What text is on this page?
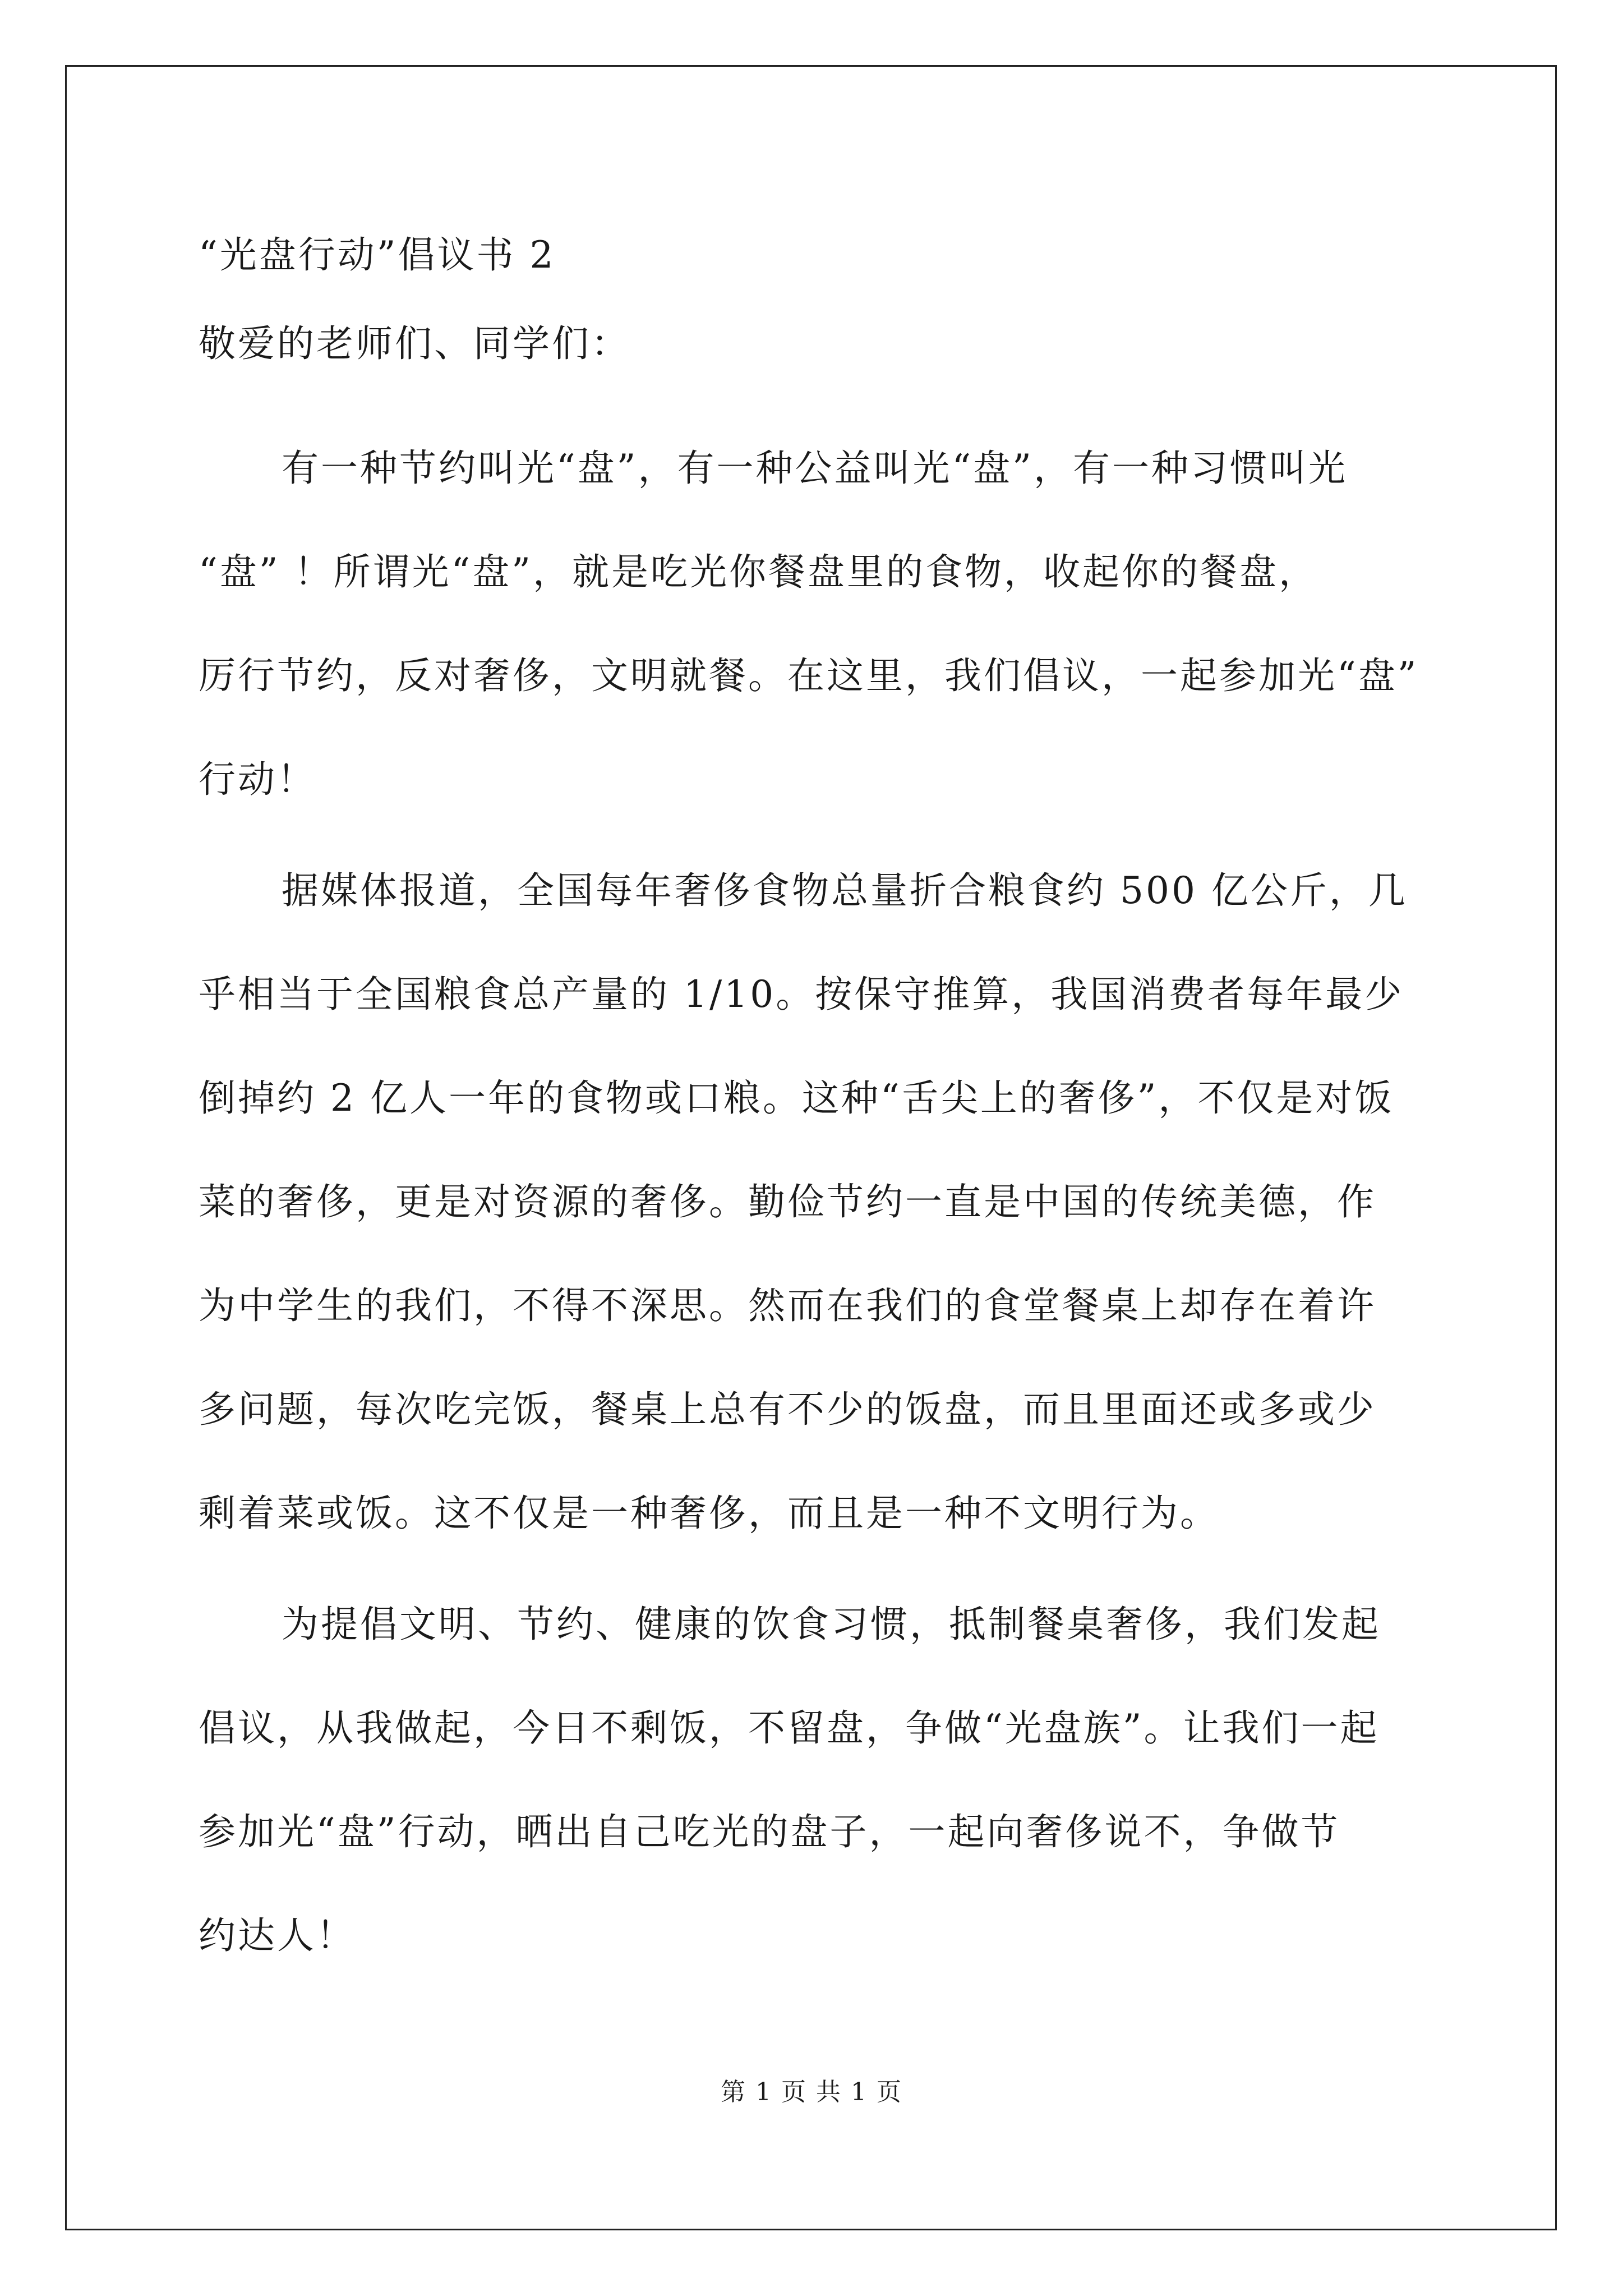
“光盘行动”倡议书 2
敬爱的老师们、同学们：
有一种节约叫光“盘”，有一种公益叫光“盘”，有一种习惯叫光
“盘” ！所谓光“盘”，就是吃光你餐盘里的食物，收起你的餐盘，
厉行节约，反对奢侈，文明就餐。在这里，我们倡议，一起参加光“盘”
行动！
据媒体报道，全国每年奢侈食物总量折合粮食约 500 亿公斤，几
乎相当于全国粮食总产量的 1/10。按保守推算，我国消费者每年最少
倒掉约 2 亿人一年的食物或口粮。这种“舌尖上的奢侈”，不仅是对饭
菜的奢侈，更是对资源的奢侈。勤俭节约一直是中国的传统美德，作
为中学生的我们，不得不深思。然而在我们的食堂餐桌上却存在着许
多问题，每次吃完饭，餐桌上总有不少的饭盘，而且里面还或多或少
剩着菜或饭。这不仅是一种奢侈，而且是一种不文明行为。
为提倡文明、节约、健康的饮食习惯，抵制餐桌奢侈，我们发起
倡议，从我做起，今日不剩饭，不留盘，争做“光盘族”。让我们一起
参加光“盘”行动，晒出自己吃光的盘子，一起向奢侈说不，争做节
约达人！
第 1 页 共 1 页
